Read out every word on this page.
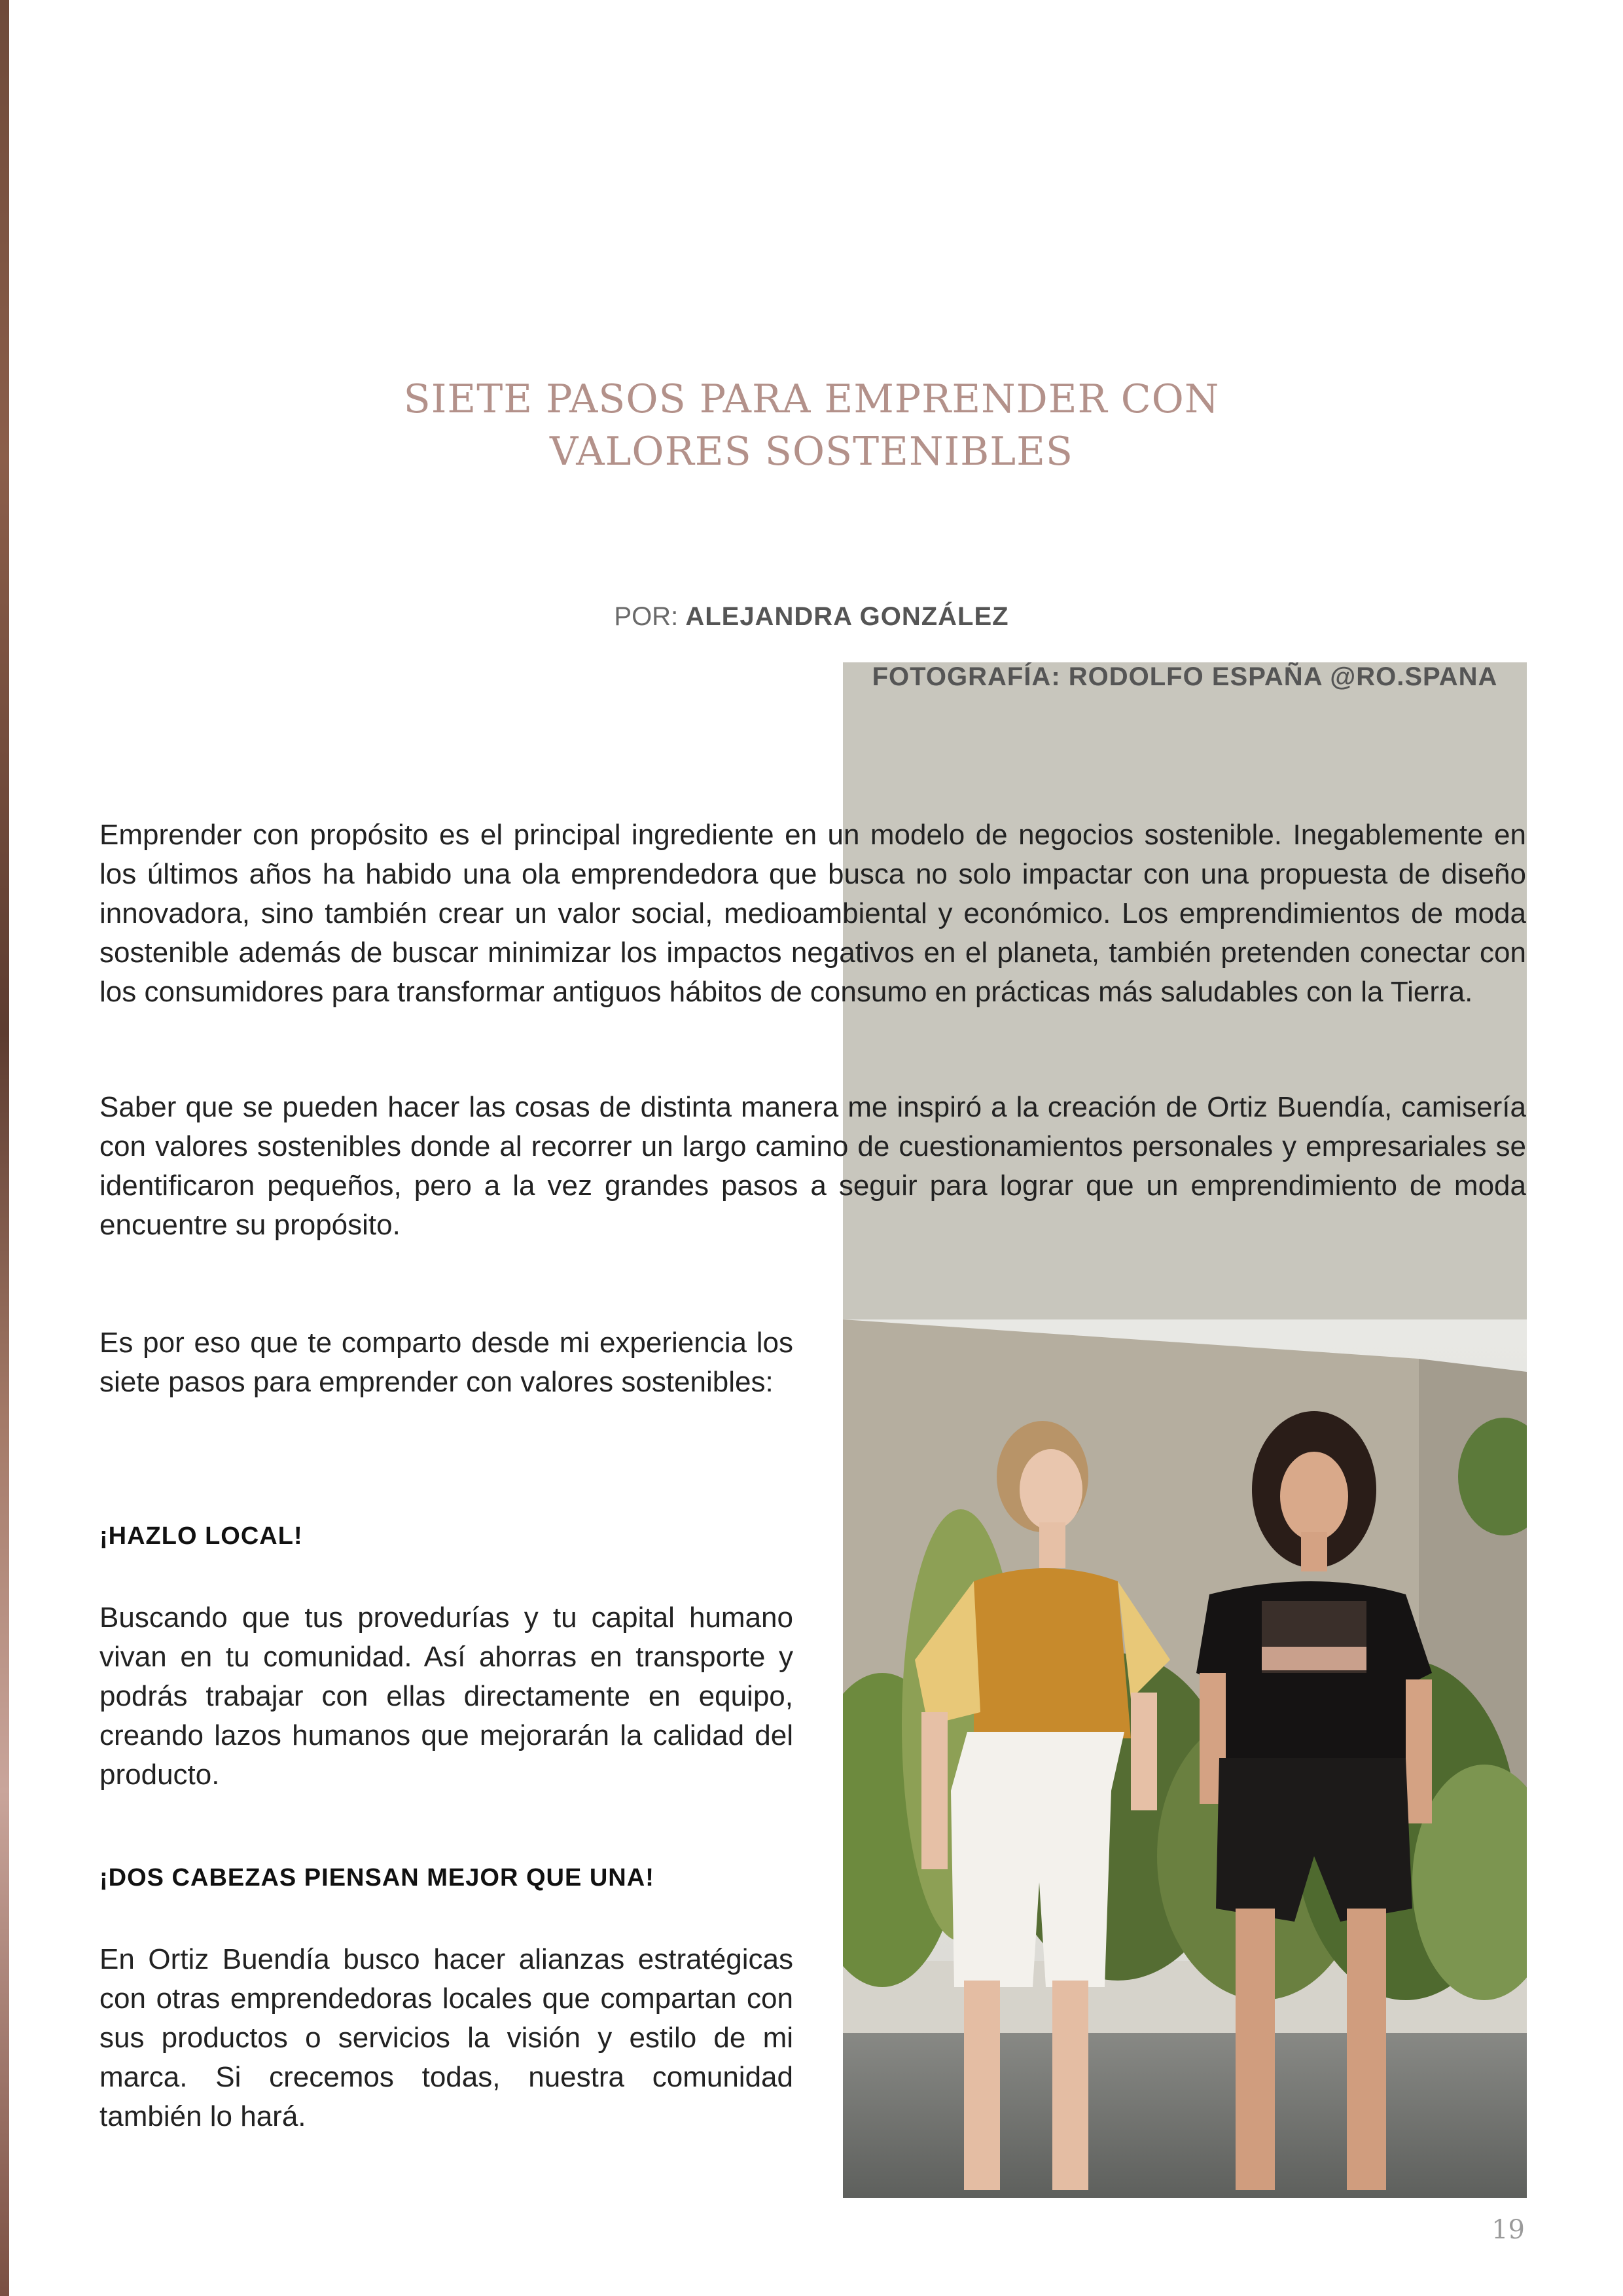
SIETE PASOS PARA EMPRENDER CON
VALORES SOSTENIBLES
POR: ALEJANDRA GONZÁLEZ
FOTOGRAFÍA: RODOLFO ESPAÑA @RO.SPANA

Emprender con propósito es el principal ingrediente en un modelo de negocios sostenible. Inegablemente en los últimos años ha habido una ola emprendedora que busca no solo impactar con una propuesta de diseño innovadora, sino también crear un valor social, medioambiental y económico. Los emprendimientos de moda sostenible además de buscar minimizar los impactos negativos en el planeta, también pretenden conectar con los consumidores para transformar antiguos hábitos de consumo en prácticas más saludables con la Tierra.

Saber que se pueden hacer las cosas de distinta manera me inspiró a la creación de Ortiz Buendía, camisería con valores sostenibles donde al recorrer un largo camino de cuestionamientos personales y empresariales se identificaron pequeños, pero a la vez grandes pasos a seguir para lograr que un emprendimiento de moda encuentre su propósito.

Es por eso que te comparto desde mi experiencia los siete pasos para emprender con valores sostenibles:

¡HAZLO LOCAL!

Buscando que tus provedurías y tu capital humano vivan en tu comunidad. Así ahorras en transporte y podrás trabajar con ellas directamente en equipo, creando lazos humanos que mejorarán la calidad del producto.

¡DOS CABEZAS PIENSAN MEJOR QUE UNA!

En Ortiz Buendía busco hacer alianzas estratégicas con otras emprendedoras locales que compartan con sus productos o servicios la visión y estilo de mi marca. Si crecemos todas, nuestra comunidad también lo hará.

19
